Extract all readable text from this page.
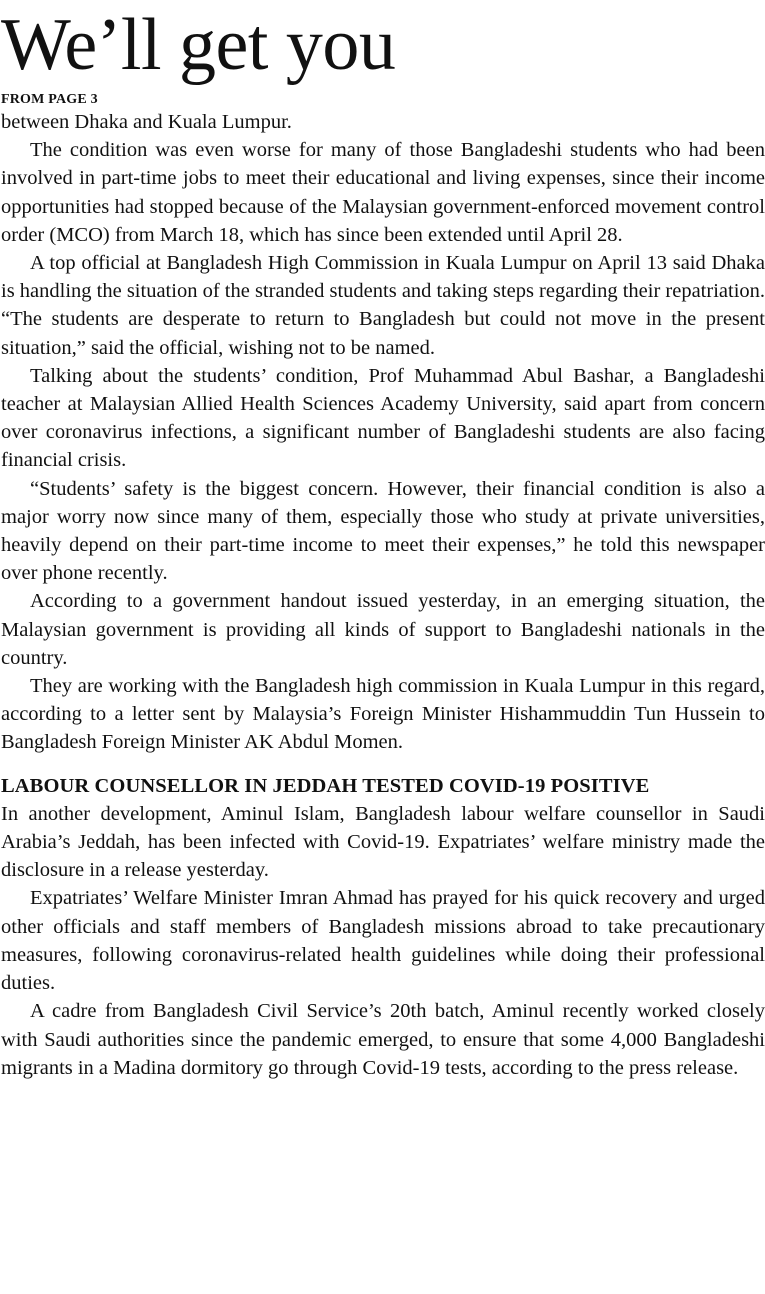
We’ll get you
FROM PAGE 3

between Dhaka and Kuala Lumpur.

The condition was even worse for many of those Bangladeshi students who had been involved in part-time jobs to meet their educational and living expenses, since their income opportunities had stopped because of the Malaysian government-enforced movement control order (MCO) from March 18, which has since been extended until April 28.

A top official at Bangladesh High Commission in Kuala Lumpur on April 13 said Dhaka is handling the situation of the stranded students and taking steps regarding their repatriation. “The students are desperate to return to Bangladesh but could not move in the present situation,” said the official, wishing not to be named.

Talking about the students’ condition, Prof Muhammad Abul Bashar, a Bangladeshi teacher at Malaysian Allied Health Sciences Academy University, said apart from concern over coronavirus infections, a significant number of Bangladeshi students are also facing financial crisis.

“Students’ safety is the biggest concern. However, their financial condition is also a major worry now since many of them, especially those who study at private universities, heavily depend on their part-time income to meet their expenses,” he told this newspaper over phone recently.

According to a government handout issued yesterday, in an emerging situation, the Malaysian government is providing all kinds of support to Bangladeshi nationals in the country.

They are working with the Bangladesh high commission in Kuala Lumpur in this regard, according to a letter sent by Malaysia’s Foreign Minister Hishammuddin Tun Hussein to Bangladesh Foreign Minister AK Abdul Momen.

LABOUR COUNSELLOR IN JEDDAH TESTED COVID-19 POSITIVE

In another development, Aminul Islam, Bangladesh labour welfare counsellor in Saudi Arabia’s Jeddah, has been infected with Covid-19. Expatriates’ welfare ministry made the disclosure in a release yesterday.

Expatriates’ Welfare Minister Imran Ahmad has prayed for his quick recovery and urged other officials and staff members of Bangladesh missions abroad to take precautionary measures, following coronavirus-related health guidelines while doing their professional duties.

A cadre from Bangladesh Civil Service’s 20th batch, Aminul recently worked closely with Saudi authorities since the pandemic emerged, to ensure that some 4,000 Bangladeshi migrants in a Madina dormitory go through Covid-19 tests, according to the press release.
